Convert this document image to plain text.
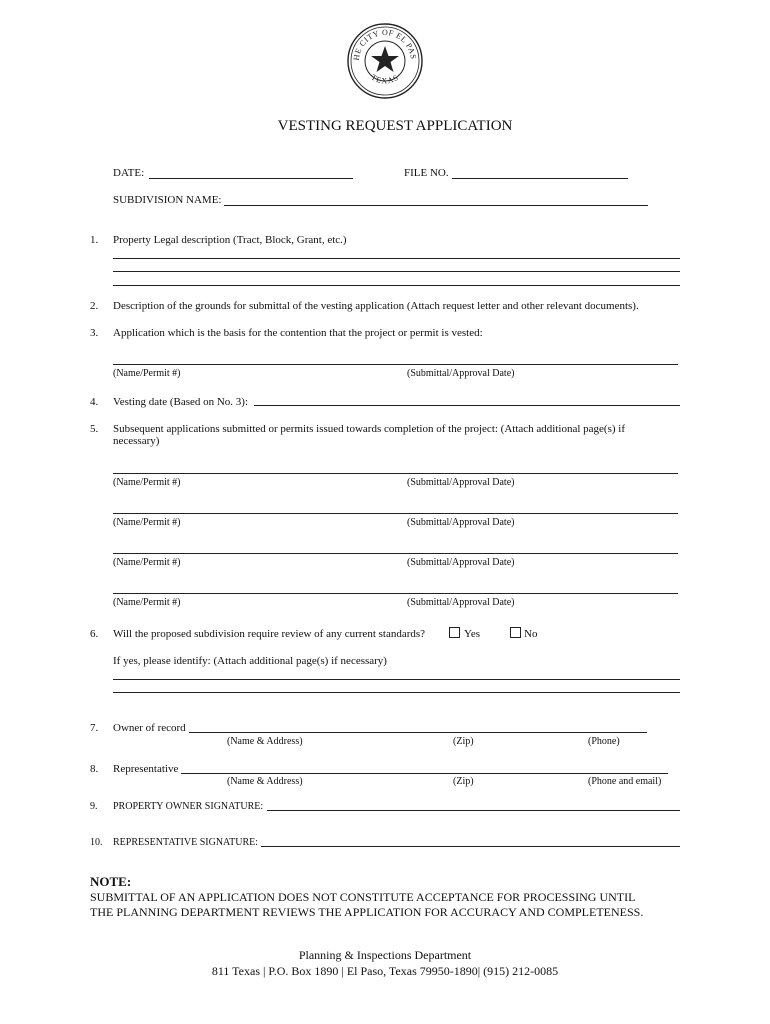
HE CITY OF EL PAS
TEXAS
VESTING REQUEST APPLICATION
DATE:	FILE NO.
SUBDIVISION NAME:
1. Property Legal description (Tract, Block, Grant, etc.)
2. Description of the grounds for submittal of the vesting application (Attach request letter and other relevant documents).
3. Application which is the basis for the contention that the project or permit is vested:
(Name/Permit #)	(Submittal/Approval Date)
4. Vesting date (Based on No. 3):
5. Subsequent applications submitted or permits issued towards completion of the project: (Attach additional page(s) if
necessary)
(Name/Permit #)	(Submittal/Approval Date)
(Name/Permit #)	(Submittal/Approval Date)
(Name/Permit #)	(Submittal/Approval Date)
(Name/Permit #)	(Submittal/Approval Date)
6. Will the proposed subdivision require review of any current standards?	Yes	No
If yes, please identify: (Attach additional page(s) if necessary)
7. Owner of record
(Name & Address)	(Zip)	(Phone)
8. Representative
(Name & Address)	(Zip)	(Phone and email)
9. PROPERTY OWNER SIGNATURE:
10. REPRESENTATIVE SIGNATURE:
NOTE:
SUBMITTAL OF AN APPLICATION DOES NOT CONSTITUTE ACCEPTANCE FOR PROCESSING UNTIL
THE PLANNING DEPARTMENT REVIEWS THE APPLICATION FOR ACCURACY AND COMPLETENESS.
Planning & Inspections Department
811 Texas | P.O. Box 1890 | El Paso, Texas 79950-1890| (915) 212-0085
